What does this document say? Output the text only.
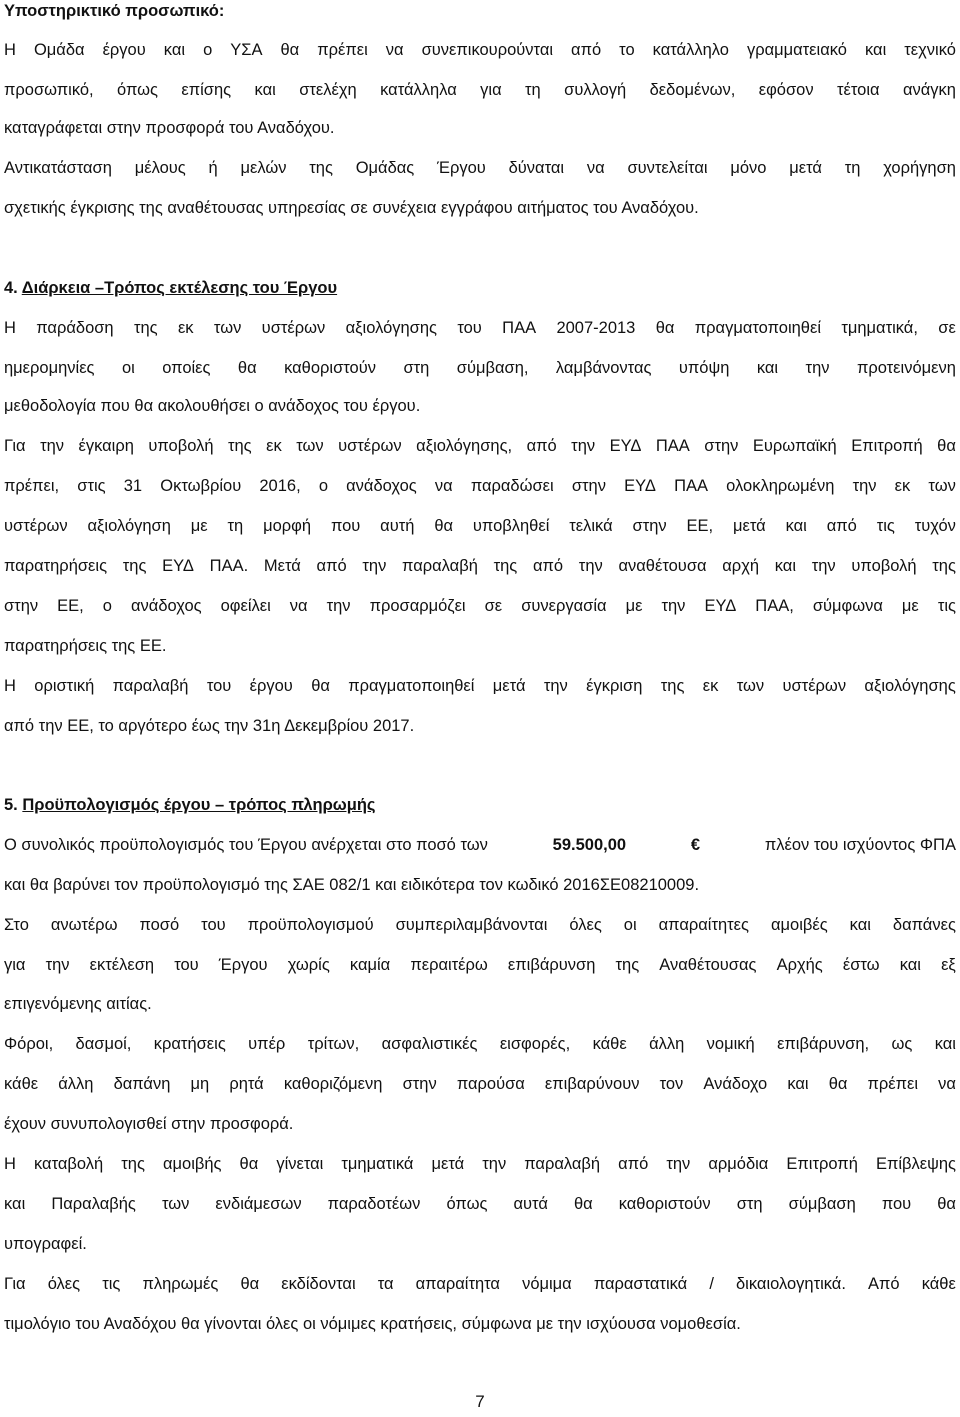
Υποστηρικτικό προσωπικό:
Η Ομάδα έργου και ο ΥΣΑ θα πρέπει να συνεπικουρούνται από το κατάλληλο γραμματειακό και τεχνικό
προσωπικό, όπως επίσης και στελέχη κατάλληλα για τη συλλογή δεδομένων, εφόσον τέτοια ανάγκη
καταγράφεται στην προσφορά του Αναδόχου.
Αντικατάσταση μέλους ή μελών της Ομάδας Έργου δύναται να συντελείται μόνο μετά τη χορήγηση
σχετικής έγκρισης της αναθέτουσας υπηρεσίας σε συνέχεια εγγράφου αιτήματος του Αναδόχου.
4. Διάρκεια –Τρόπος εκτέλεσης του Έργου
Η παράδοση της εκ των υστέρων αξιολόγησης του ΠΑΑ 2007-2013 θα πραγματοποιηθεί τμηματικά, σε
ημερομηνίες οι οποίες θα καθοριστούν στη σύμβαση, λαμβάνοντας υπόψη και την προτεινόμενη
μεθοδολογία που θα ακολουθήσει ο ανάδοχος του έργου.
Για την έγκαιρη υποβολή της εκ των υστέρων αξιολόγησης, από την ΕΥΔ ΠΑΑ στην Ευρωπαϊκή Επιτροπή θα
πρέπει, στις 31 Οκτωβρίου 2016, ο ανάδοχος να παραδώσει στην ΕΥΔ ΠΑΑ ολοκληρωμένη την εκ των
υστέρων αξιολόγηση με τη μορφή που αυτή θα υποβληθεί τελικά στην ΕΕ, μετά και από τις τυχόν
παρατηρήσεις της ΕΥΔ ΠΑΑ. Μετά από την παραλαβή της από την αναθέτουσα αρχή και την υποβολή της
στην ΕΕ, ο ανάδοχος οφείλει να την προσαρμόζει σε συνεργασία με την ΕΥΔ ΠΑΑ, σύμφωνα με τις
παρατηρήσεις της ΕΕ.
Η οριστική παραλαβή του έργου θα πραγματοποιηθεί μετά την έγκριση της εκ των υστέρων αξιολόγησης
από την ΕΕ, το αργότερο έως την 31η Δεκεμβρίου 2017.
5. Προϋπολογισμός έργου – τρόπος πληρωμής
Ο συνολικός προϋπολογισμός του Έργου ανέρχεται στο ποσό των	59.500,00	€	πλέον του ισχύοντος ΦΠΑ
και θα βαρύνει τον προϋπολογισμό της ΣΑΕ 082/1 και ειδικότερα τον κωδικό 2016ΣΕ08210009.
Στο ανωτέρω ποσό του προϋπολογισμού συμπεριλαμβάνονται όλες οι απαραίτητες αμοιβές και δαπάνες
για την εκτέλεση του Έργου χωρίς καμία περαιτέρω επιβάρυνση της Αναθέτουσας Αρχής έστω και εξ
επιγενόμενης αιτίας.
Φόροι, δασμοί, κρατήσεις υπέρ τρίτων, ασφαλιστικές εισφορές, κάθε άλλη νομική επιβάρυνση, ως και
κάθε άλλη δαπάνη μη ρητά καθοριζόμενη στην παρούσα επιβαρύνουν τον Ανάδοχο και θα πρέπει να
έχουν συνυπολογισθεί στην προσφορά.
Η καταβολή της αμοιβής θα γίνεται τμηματικά μετά την παραλαβή από την αρμόδια Επιτροπή Επίβλεψης
και Παραλαβής των ενδιάμεσων παραδοτέων όπως αυτά θα καθοριστούν στη σύμβαση που θα
υπογραφεί.
Για όλες τις πληρωμές θα εκδίδονται τα απαραίτητα νόμιμα παραστατικά / δικαιολογητικά. Από κάθε
τιμολόγιο του Αναδόχου θα γίνονται όλες οι νόμιμες κρατήσεις, σύμφωνα με την ισχύουσα νομοθεσία.
7
